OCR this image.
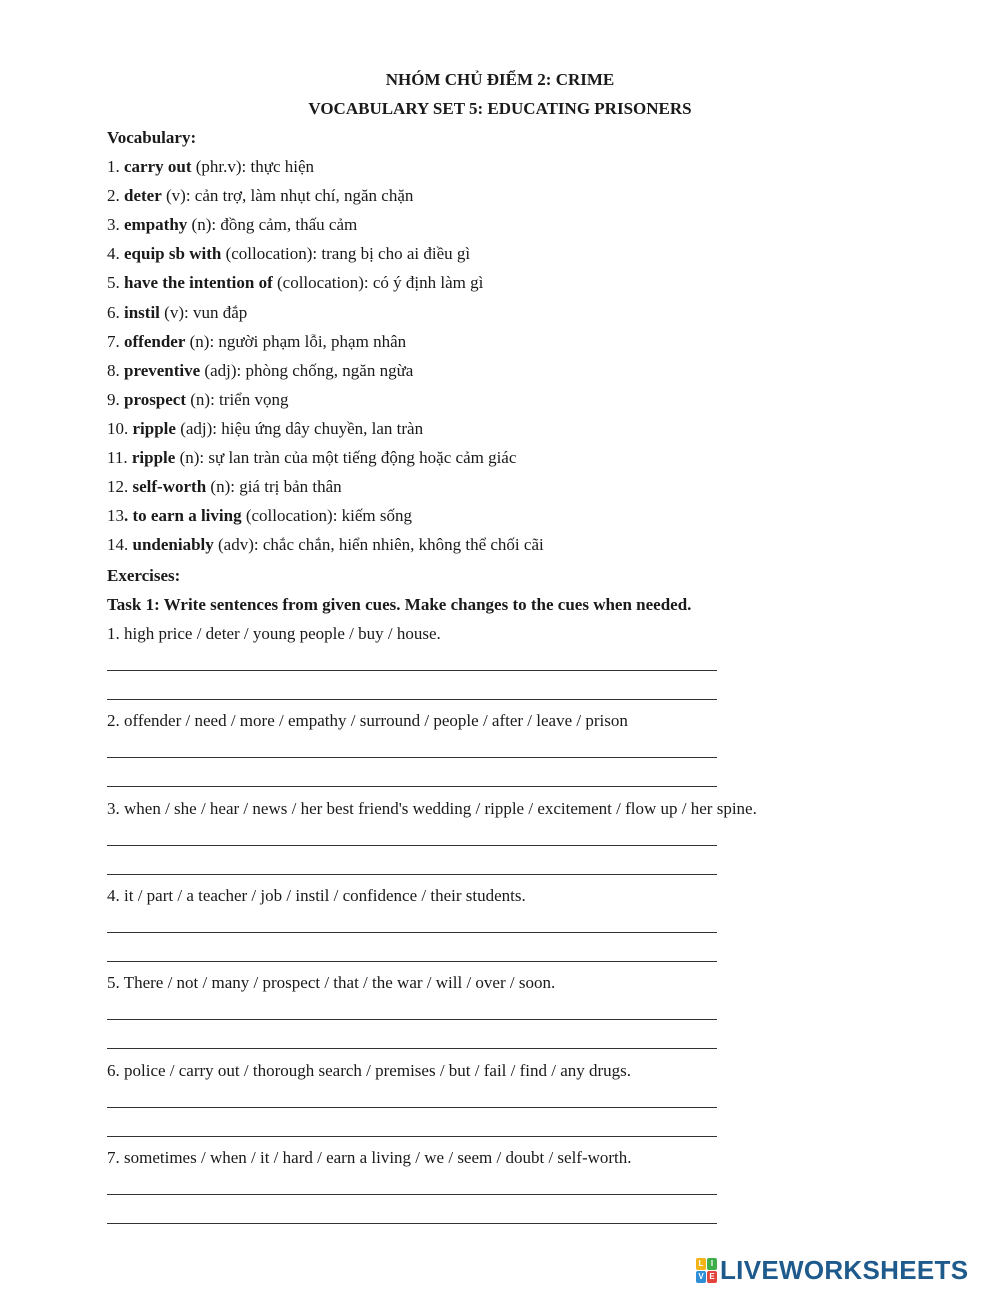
NHÓM CHỦ ĐIỂM 2: CRIME
VOCABULARY SET 5: EDUCATING PRISONERS
Vocabulary:
1. carry out (phr.v): thực hiện
2. deter (v): cản trợ, làm nhụt chí, ngăn chặn
3. empathy (n): đồng cảm, thấu cảm
4. equip sb with (collocation): trang bị cho ai điều gì
5. have the intention of (collocation): có ý định làm gì
6. instil (v): vun đắp
7. offender (n): người phạm lỗi, phạm nhân
8. preventive (adj): phòng chống, ngăn ngừa
9. prospect (n): triển vọng
10. ripple (adj): hiệu ứng dây chuyền, lan tràn
11. ripple (n): sự lan tràn của một tiếng động hoặc cảm giác
12. self-worth (n): giá trị bản thân
13. to earn a living (collocation): kiếm sống
14. undeniably (adv): chắc chắn, hiển nhiên, không thể chối cãi
Exercises:
Task 1: Write sentences from given cues. Make changes to the cues when needed.
1. high price / deter / young people / buy / house.
2. offender / need / more / empathy / surround / people / after / leave / prison
3. when / she / hear / news / her best friend's wedding / ripple / excitement / flow up / her spine.
4. it / part / a teacher / job / instil / confidence / their students.
5. There / not / many / prospect / that / the war / will / over / soon.
6. police / carry out / thorough search / premises / but / fail / find / any drugs.
7. sometimes / when / it / hard / earn a living / we / seem / doubt / self-worth.
L I
V E LIVEWORKSHEETS
